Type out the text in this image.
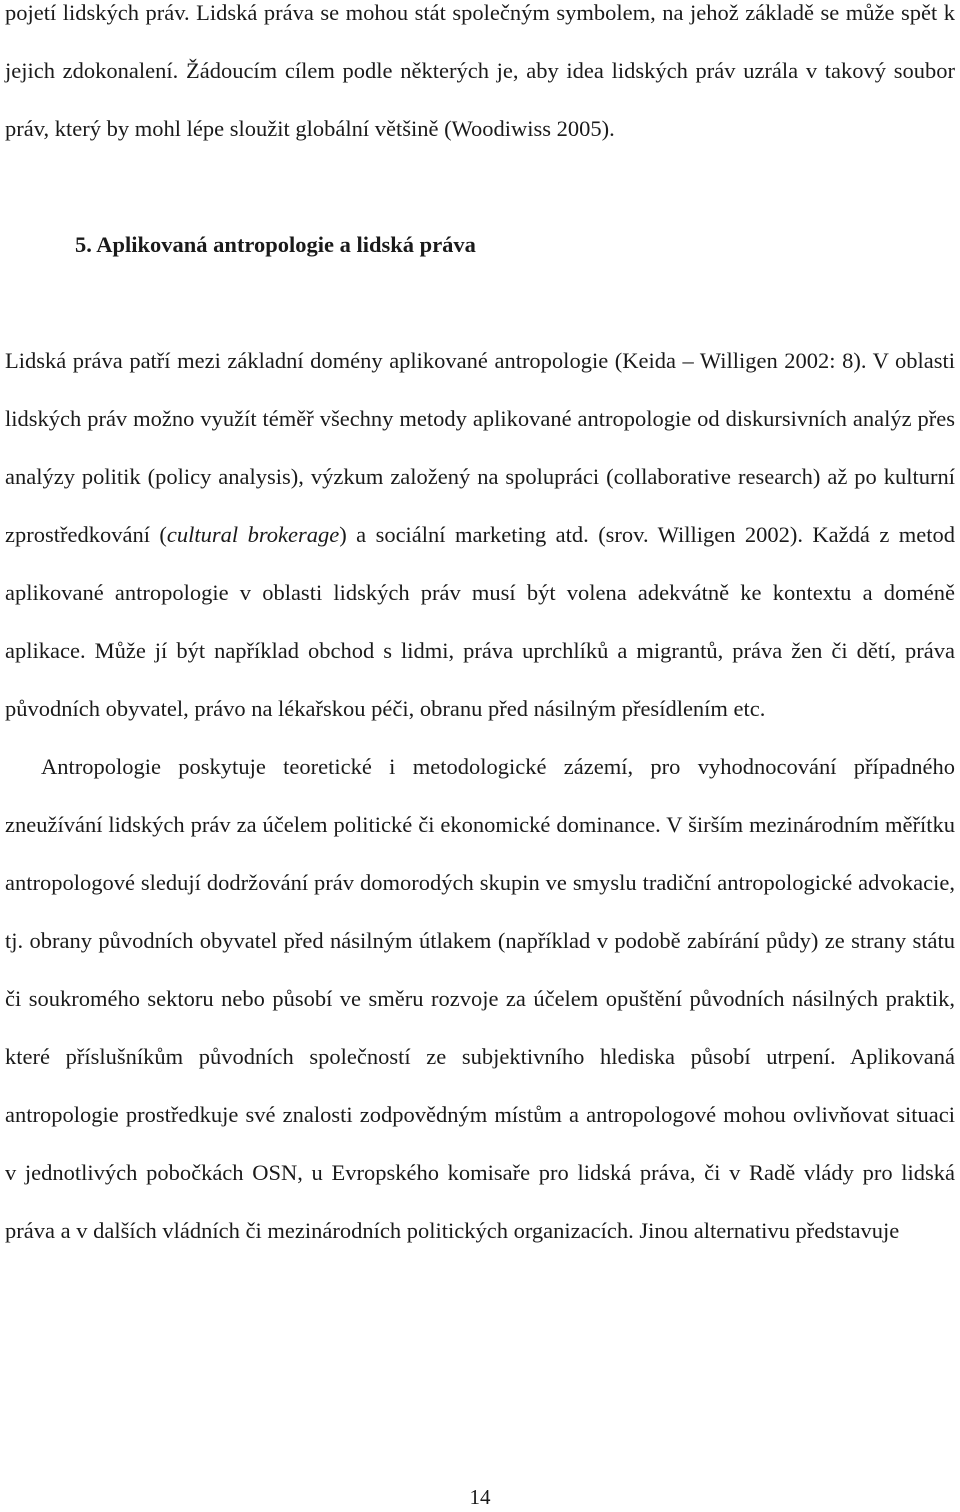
pojetí lidských práv. Lidská práva se mohou stát společným symbolem, na jehož základě se může spět k jejich zdokonalení. Žádoucím cílem podle některých je, aby idea lidských práv uzrála v takový soubor práv, který by mohl lépe sloužit globální většině (Woodiwiss 2005).

5. Aplikovaná antropologie a lidská práva

Lidská práva patří mezi základní domény aplikované antropologie (Keida – Willigen 2002: 8). V oblasti lidských práv možno využít téměř všechny metody aplikované antropologie od diskursivních analýz přes analýzy politik (policy analysis), výzkum založený na spolupráci (collaborative research) až po kulturní zprostředkování (cultural brokerage) a sociální marketing atd. (srov. Willigen 2002). Každá z metod aplikované antropologie v oblasti lidských práv musí být volena adekvátně ke kontextu a doméně aplikace. Může jí být například obchod s lidmi, práva uprchlíků a migrantů, práva žen či dětí, práva původních obyvatel, právo na lékařskou péči, obranu před násilným přesídlením etc.

Antropologie poskytuje teoretické i metodologické zázemí, pro vyhodnocování případného zneužívání lidských práv za účelem politické či ekonomické dominance. V širším mezinárodním měřítku antropologové sledují dodržování práv domorodých skupin ve smyslu tradiční antropologické advokacie, tj. obrany původních obyvatel před násilným útlakem (například v podobě zabírání půdy) ze strany státu či soukromého sektoru nebo působí ve směru rozvoje za účelem opuštění původních násilných praktik, které příslušníkům původních společností ze subjektivního hlediska působí utrpení. Aplikovaná antropologie prostředkuje své znalosti zodpovědným místům a antropologové mohou ovlivňovat situaci v jednotlivých pobočkách OSN, u Evropského komisaře pro lidská práva, či v Radě vlády pro lidská práva a v dalších vládních či mezinárodních politických organizacích. Jinou alternativu představuje

14
